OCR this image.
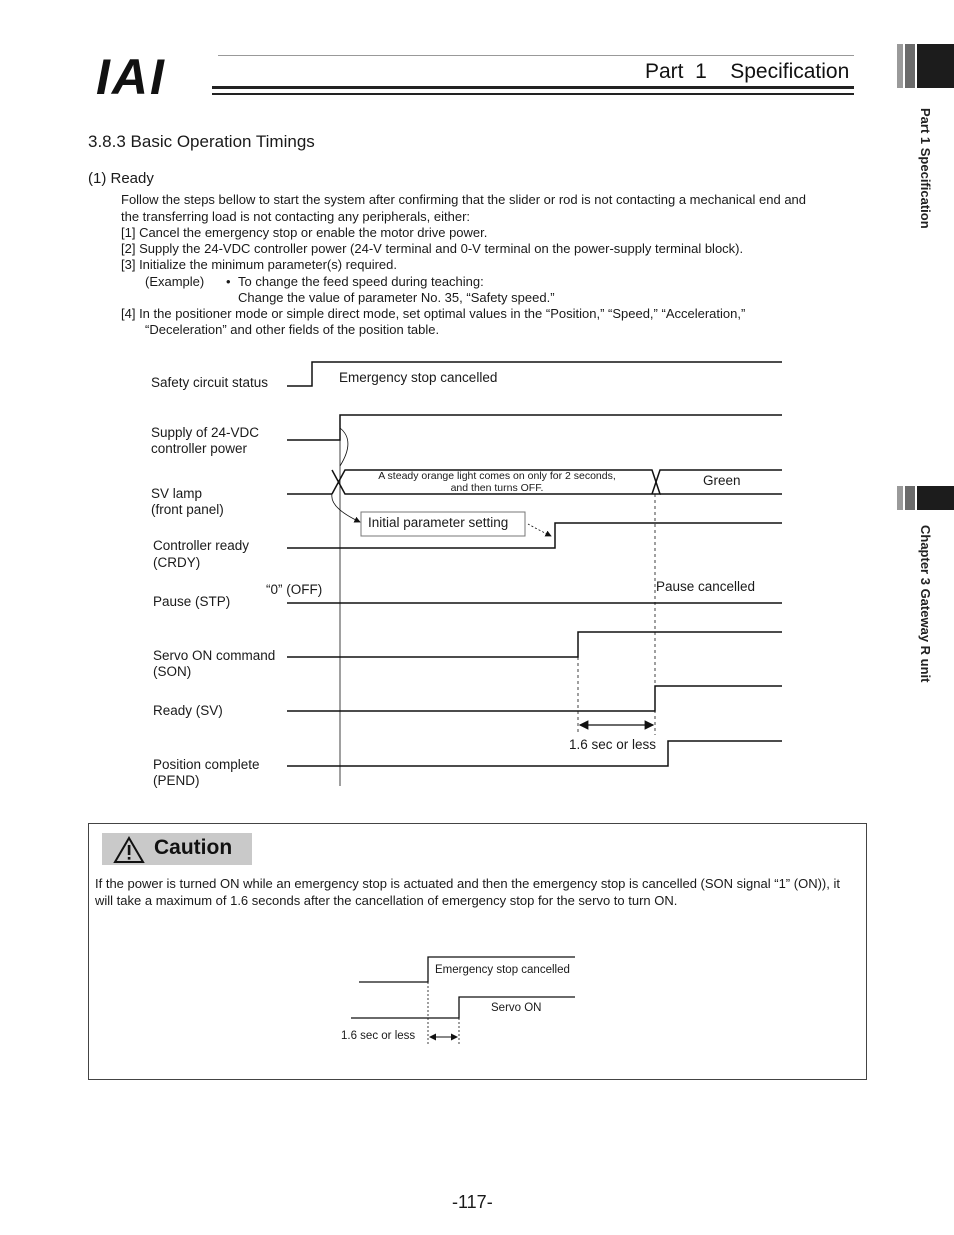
IAI	Part  1    Specification
Part 1 Specification
Chapter 3 Gateway R unit
3.8.3 Basic Operation Timings
(1) Ready
Follow the steps bellow to start the system after confirming that the slider or rod is not contacting a mechanical end and
the transferring load is not contacting any peripherals, either:
[1] Cancel the emergency stop or enable the motor drive power.
[2] Supply the 24-VDC controller power (24-V terminal and 0-V terminal on the power-supply terminal block).
[3] Initialize the minimum parameter(s) required.
(Example) • To change the feed speed during teaching:
Change the value of parameter No. 35, “Safety speed.”
[4] In the positioner mode or simple direct mode, set optimal values in the “Position,” “Speed,” “Acceleration,”
“Deceleration” and other fields of the position table.
Safety circuit status	Emergency stop cancelled
Supply of 24-VDC
controller power
SV lamp
(front panel)
A steady orange light comes on only for 2 seconds,
and then turns OFF.	Green
Initial parameter setting
Controller ready
(CRDY)
“0” (OFF)	Pause cancelled
Pause (STP)
Servo ON command
(SON)
Ready (SV)
1.6 sec or less
Position complete
(PEND)
Caution
If the power is turned ON while an emergency stop is actuated and then the emergency stop is cancelled (SON signal “1” (ON)), it will take a maximum of 1.6 seconds after the cancellation of emergency stop for the servo to turn ON.
Emergency stop cancelled
Servo ON
1.6 sec or less
-117-
